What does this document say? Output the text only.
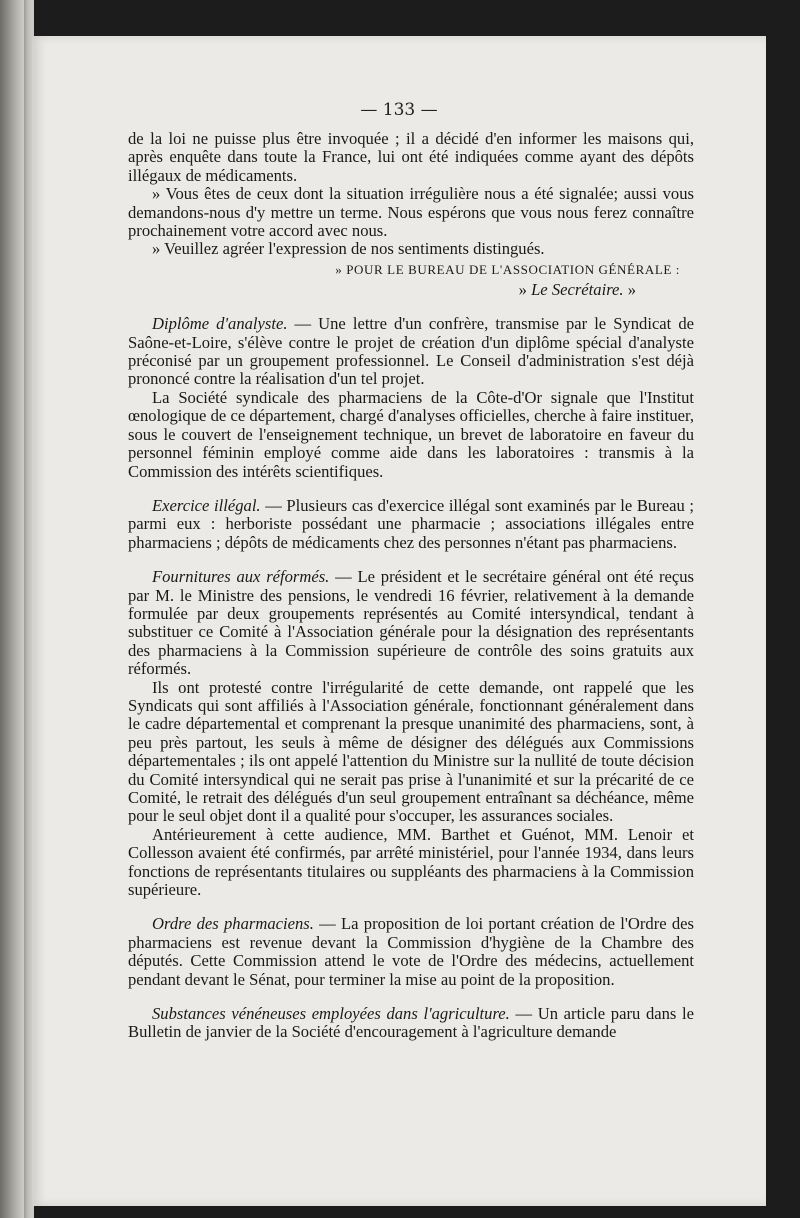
— 133 —

de la loi ne puisse plus être invoquée ; il a décidé d'en informer les maisons qui, après enquête dans toute la France, lui ont été indiquées comme ayant des dépôts illégaux de médicaments.

» Vous êtes de ceux dont la situation irrégulière nous a été signalée; aussi vous demandons-nous d'y mettre un terme. Nous espérons que vous nous ferez connaître prochainement votre accord avec nous.

» Veuillez agréer l'expression de nos sentiments distingués.

» POUR LE BUREAU DE L'ASSOCIATION GÉNÉRALE :

» Le Secrétaire. »

Diplôme d'analyste. — Une lettre d'un confrère, transmise par le Syndicat de Saône-et-Loire, s'élève contre le projet de création d'un diplôme spécial d'analyste préconisé par un groupement professionnel. Le Conseil d'administration s'est déjà prononcé contre la réalisation d'un tel projet.

La Société syndicale des pharmaciens de la Côte-d'Or signale que l'Institut œnologique de ce département, chargé d'analyses officielles, cherche à faire instituer, sous le couvert de l'enseignement technique, un brevet de laboratoire en faveur du personnel féminin employé comme aide dans les laboratoires : transmis à la Commission des intérêts scientifiques.

Exercice illégal. — Plusieurs cas d'exercice illégal sont examinés par le Bureau ; parmi eux : herboriste possédant une pharmacie ; associations illégales entre pharmaciens ; dépôts de médicaments chez des personnes n'étant pas pharmaciens.

Fournitures aux réformés. — Le président et le secrétaire général ont été reçus par M. le Ministre des pensions, le vendredi 16 février, relativement à la demande formulée par deux groupements représentés au Comité intersyndical, tendant à substituer ce Comité à l'Association générale pour la désignation des représentants des pharmaciens à la Commission supérieure de contrôle des soins gratuits aux réformés.

Ils ont protesté contre l'irrégularité de cette demande, ont rappelé que les Syndicats qui sont affiliés à l'Association générale, fonctionnant généralement dans le cadre départemental et comprenant la presque unanimité des pharmaciens, sont, à peu près partout, les seuls à même de désigner des délégués aux Commissions départementales ; ils ont appelé l'attention du Ministre sur la nullité de toute décision du Comité intersyndical qui ne serait pas prise à l'unanimité et sur la précarité de ce Comité, le retrait des délégués d'un seul groupement entraînant sa déchéance, même pour le seul objet dont il a qualité pour s'occuper, les assurances sociales.

Antérieurement à cette audience, MM. Barthet et Guénot, MM. Lenoir et Collesson avaient été confirmés, par arrêté ministériel, pour l'année 1934, dans leurs fonctions de représentants titulaires ou suppléants des pharmaciens à la Commission supérieure.

Ordre des pharmaciens. — La proposition de loi portant création de l'Ordre des pharmaciens est revenue devant la Commission d'hygiène de la Chambre des députés. Cette Commission attend le vote de l'Ordre des médecins, actuellement pendant devant le Sénat, pour terminer la mise au point de la proposition.

Substances vénéneuses employées dans l'agriculture. — Un article paru dans le Bulletin de janvier de la Société d'encouragement à l'agriculture demande
